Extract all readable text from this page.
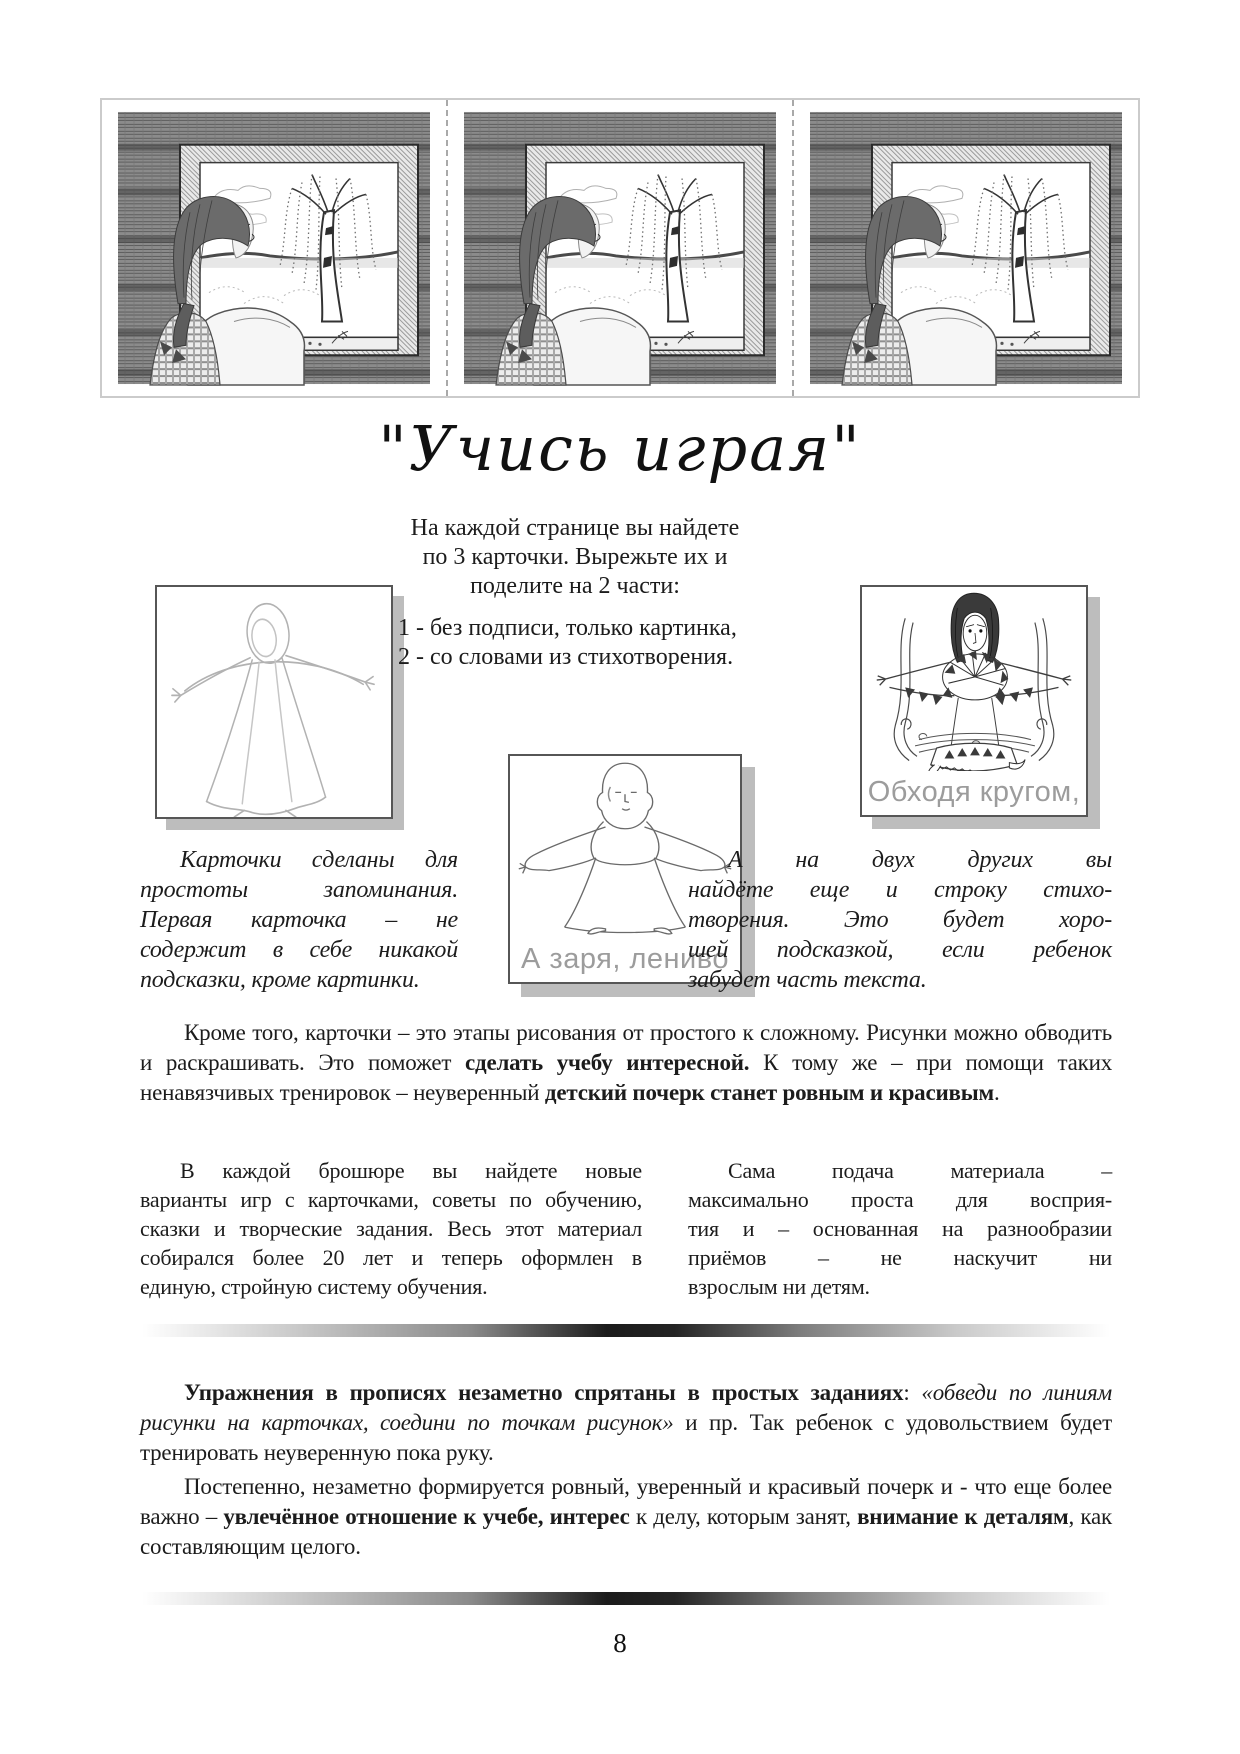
"Учись играя"
На каждой странице вы найдете
по 3 карточки. Вырежьте их и
поделите на 2 части:
1 - без подписи, только картинка,
2 - со словами из стихотворения.
Обходя кругом,
А заря, лениво
Карточки сделаны для
простоты запоминания.
Первая карточка – не
содержит в себе никакой
подсказки, кроме картинки.
А на двух других вы
найдёте еще и строку стихо-
творения. Это будет хоро-
шей подсказкой, если ребенок
забудет часть текста.
Кроме того, карточки – это этапы рисования от простого к сложному. Рисунки можно обводить и раскрашивать. Это поможет сделать учебу интересной. К тому же – при помощи таких ненавязчивых тренировок – неуверенный детский почерк станет ровным и красивым.
В каждой брошюре вы найдете новые
варианты игр с карточками, советы по обучению,
сказки и творческие задания. Весь этот материал
собирался более 20 лет и теперь оформлен в
единую, стройную систему обучения.
Сама подача материала –
максимально проста для восприя-
тия и – основанная на разнообразии
приёмов – не наскучит ни
взрослым ни детям.
Упражнения в прописях незаметно спрятаны в простых заданиях: «обведи по линиям рисунки на карточках, соедини по точкам рисунок» и пр. Так ребенок с удовольствием будет тренировать неуверенную пока руку.
Постепенно, незаметно формируется ровный, уверенный и красивый почерк и - что еще более важно – увлечённое отношение к учебе, интерес к делу, которым занят, внимание к деталям, как составляющим целого.
8
